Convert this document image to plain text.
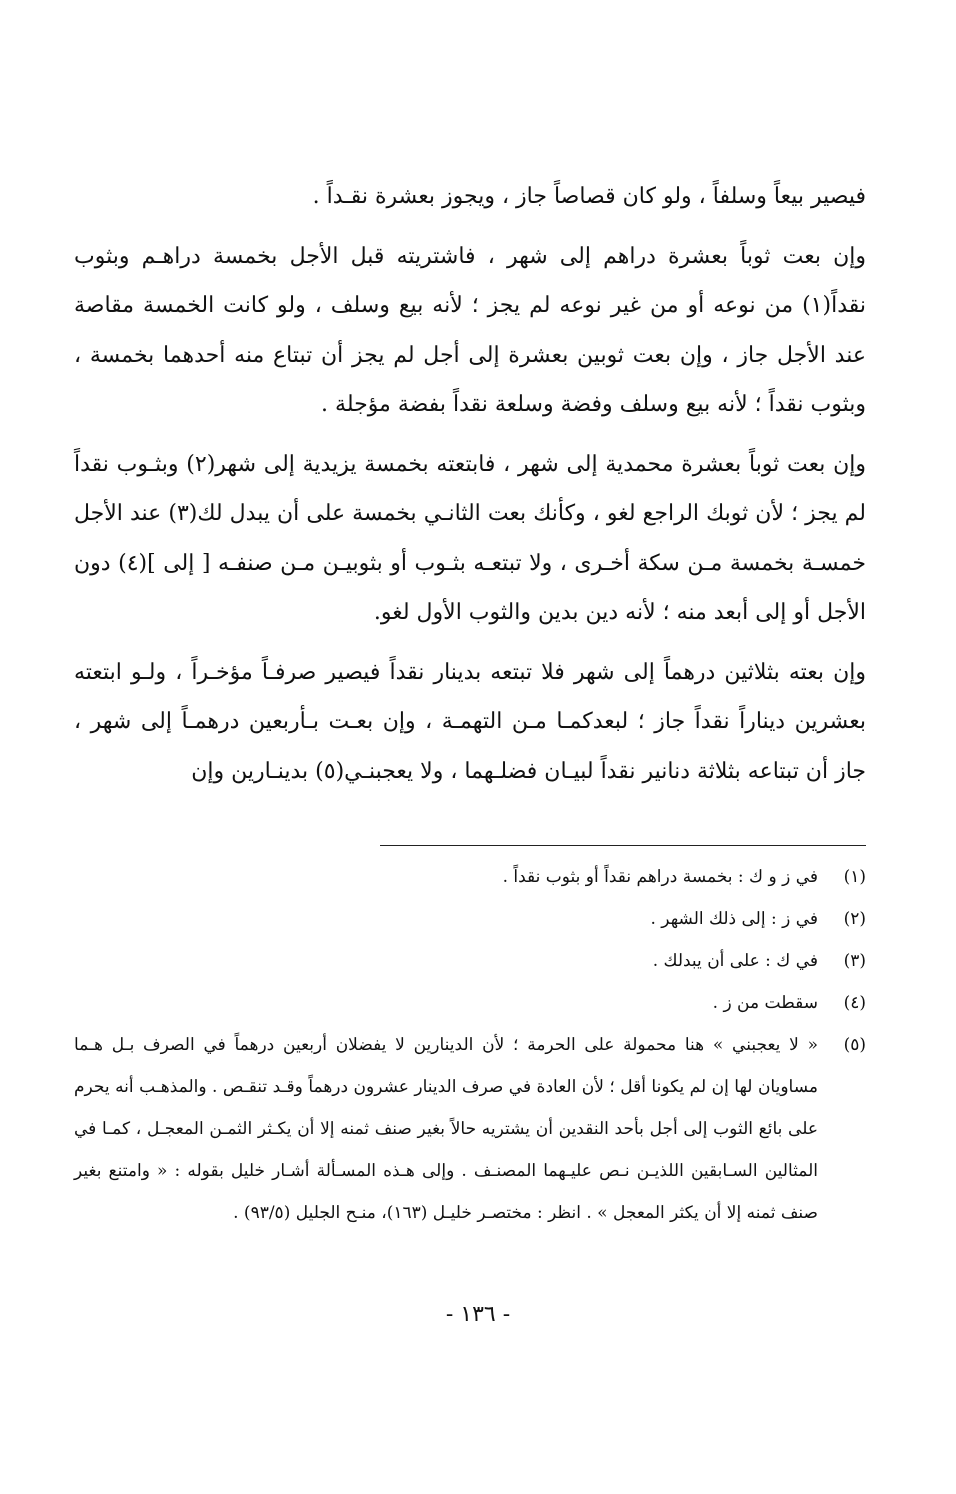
فيصير بيعاً وسلفاً ، ولو كان قصاصاً جاز ، ويجوز بعشرة نقـداً .

وإن بعت ثوباً بعشرة دراهم إلى شهر ، فاشتريته قبل الأجل بخمسة دراهـم وبثوب نقداً(١) من نوعه أو من غير نوعه لم يجز ؛ لأنه بيع وسلف ، ولو كانت الخمسة مقاصة عند الأجل جاز ، وإن بعت ثوبين بعشرة إلى أجل لم يجز أن تبتاع منه أحدهما بخمسة ، وبثوب نقداً ؛ لأنه بيع وسلف وفضة وسلعة نقداً بفضة مؤجلة .

وإن بعت ثوباً بعشرة محمدية إلى شهر ، فابتعته بخمسة يزيدية إلى شهر(٢) وبثـوب نقداً لم يجز ؛ لأن ثوبك الراجع لغو ، وكأنك بعت الثانـي بخمسة على أن يبدل لك(٣) عند الأجل خمسـة بخمسة مـن سكة أخـرى ، ولا تبتعـه بثـوب أو بثوبيـن مـن صنفـه [ إلى ](٤) دون الأجل أو إلى أبعد منه ؛ لأنه دين بدين والثوب الأول لغو.

وإن بعته بثلاثين درهماً إلى شهر فلا تبتعه بدينار نقداً فيصير صرفـاً مؤخـراً ، ولـو ابتعته بعشرين ديناراً نقداً جاز ؛ لبعدكمـا مـن التهمـة ، وإن بعـت بـأربعين درهمـاً إلى شهر ، جاز أن تبتاعه بثلاثة دنانير نقداً لبيـان فضلـهما ، ولا يعجبنـي(٥) بدينـارين وإن

(١)
في ز و ك : بخمسة دراهم نقداً أو بثوب نقداً .
(٢)
في ز : إلى ذلك الشهر .
(٣)
في ك : على أن يبدلك .
(٤)
سقطت من ز .
(٥)
« لا يعجبني » هنا محمولة على الحرمة ؛ لأن الدينارين لا يفضلان أربعين درهماً في الصرف بـل هـما مساويان لها إن لم يكونا أقل ؛ لأن العادة في صرف الدينار عشرون درهماً وقـد تنقـص . والمذهـب أنه يحرم على بائع الثوب إلى أجل بأحد النقدين أن يشتريه حالاً بغير صنف ثمنه إلا أن يكـثر الثمـن المعجـل ، كمـا في المثالين السـابقين اللذيـن نـص عليـهما المصنـف . وإلى هـذه المسـألة أشـار خليل بقوله : « وامتنع بغير صنف ثمنه إلا أن يكثر المعجل » . انظر : مختصـر خليـل (١٦٣)، منـح الجليل (٩٣/٥) .
- ١٣٦ -
